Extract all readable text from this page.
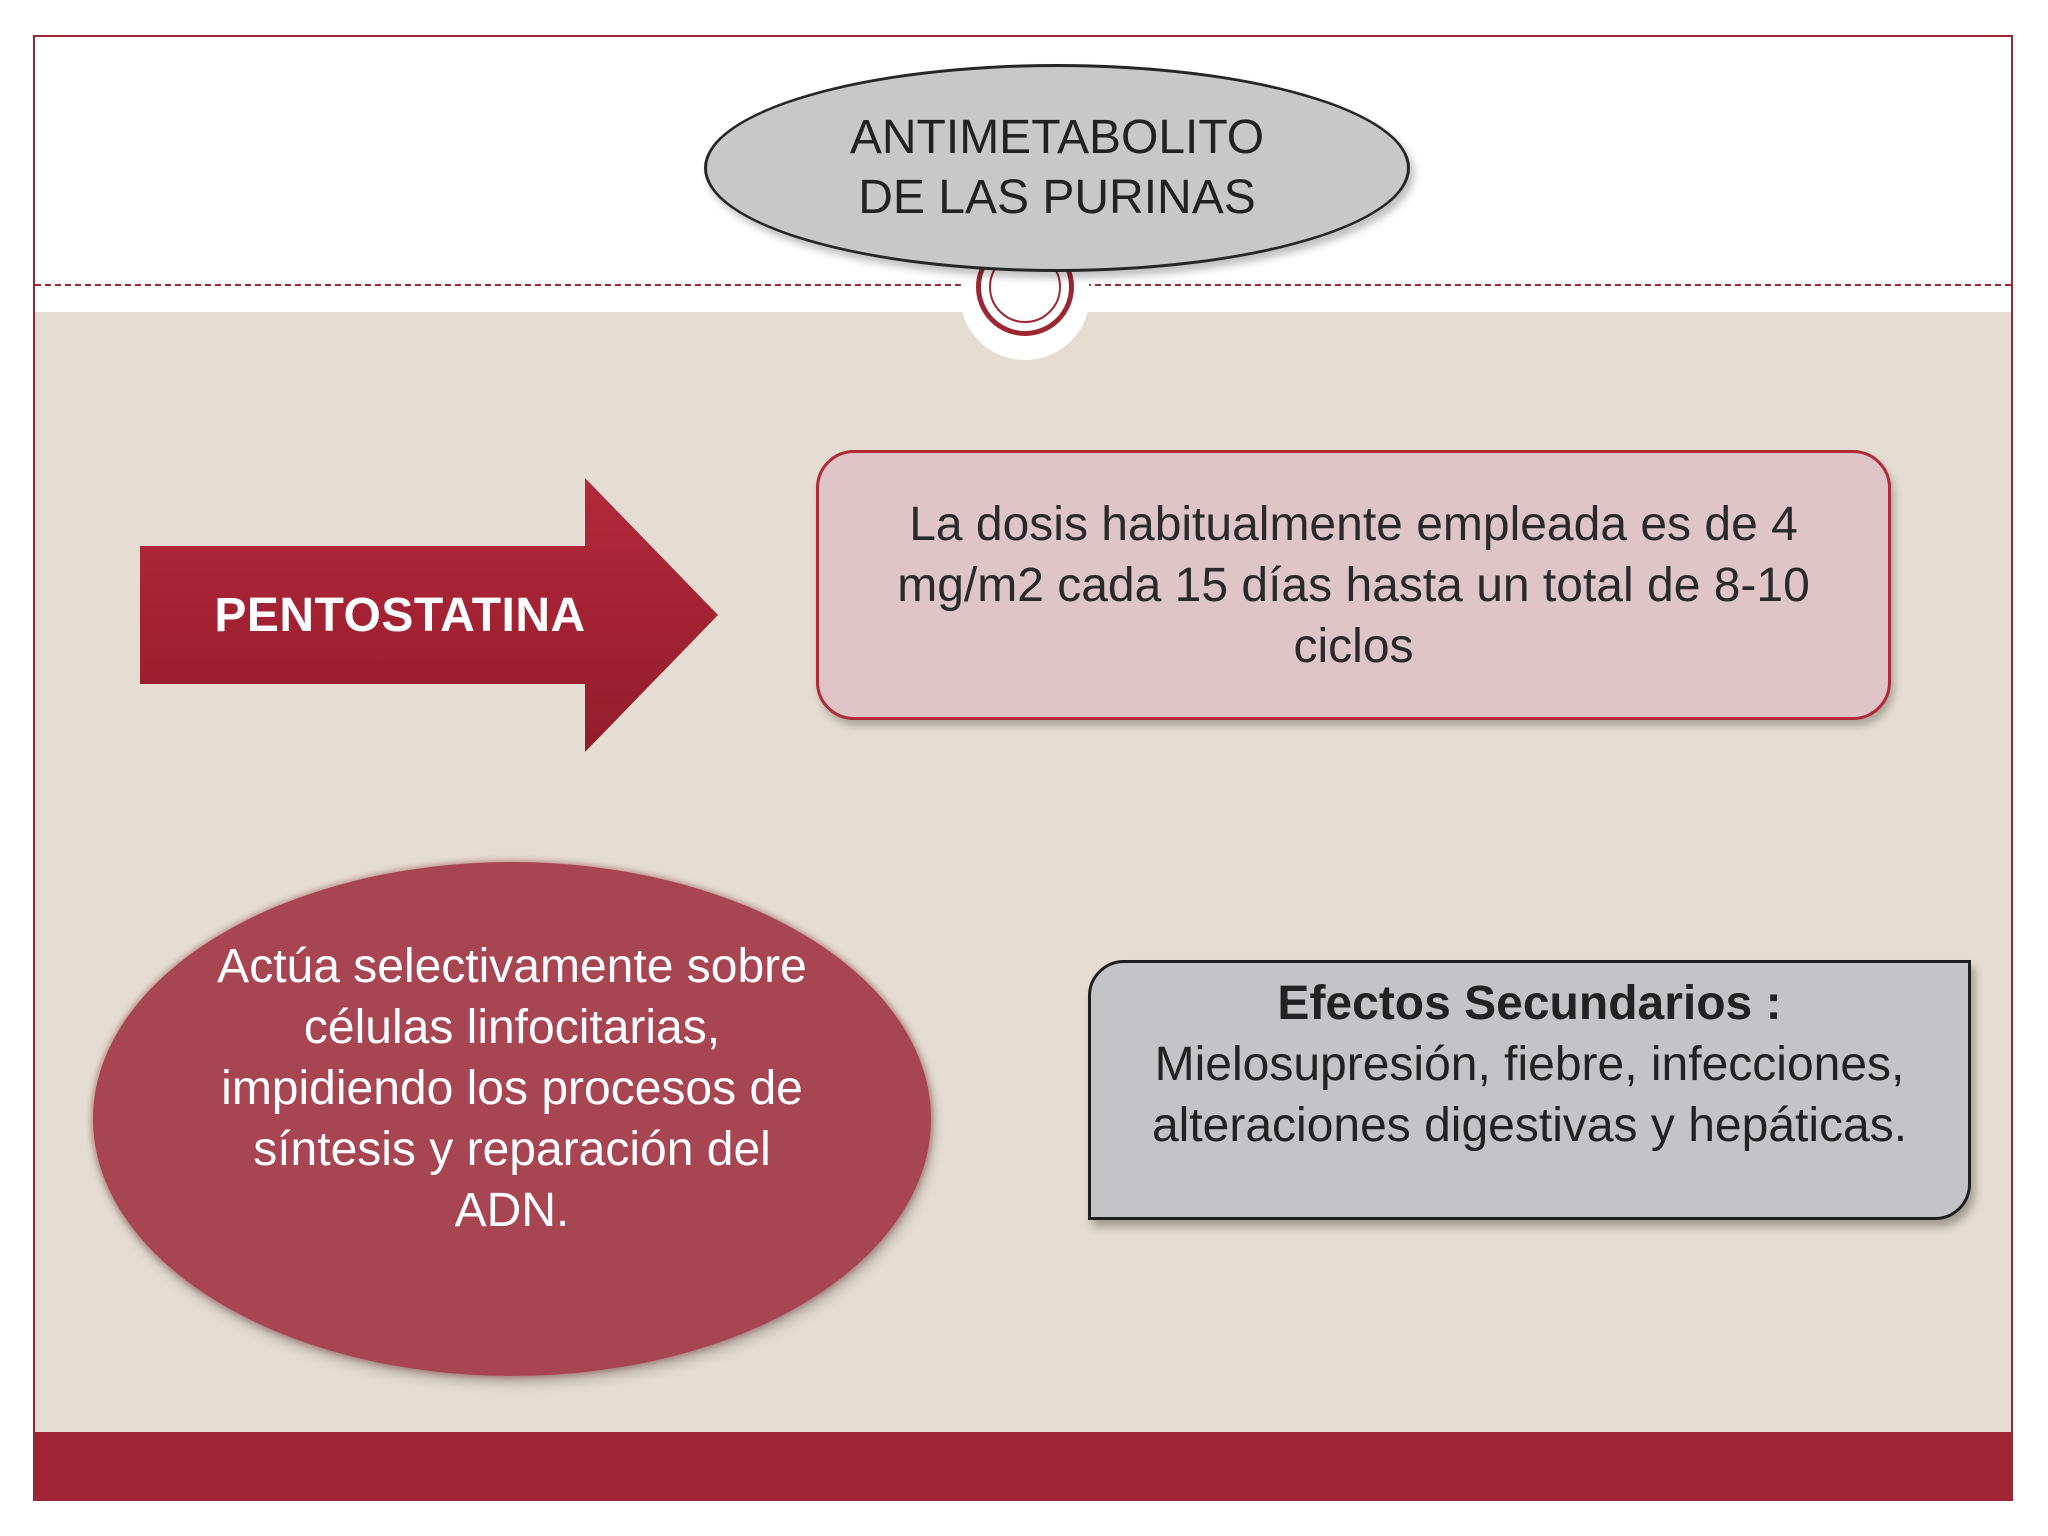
ANTIMETABOLITO
DE LAS PURINAS
PENTOSTATINA
La dosis habitualmente empleada es de 4 mg/m2 cada 15 días hasta un total de 8-10 ciclos
Actúa selectivamente sobre células linfocitarias, impidiendo los procesos de síntesis y reparación del ADN.
Efectos Secundarios :
Mielosupresión, fiebre, infecciones, alteraciones digestivas y hepáticas.
